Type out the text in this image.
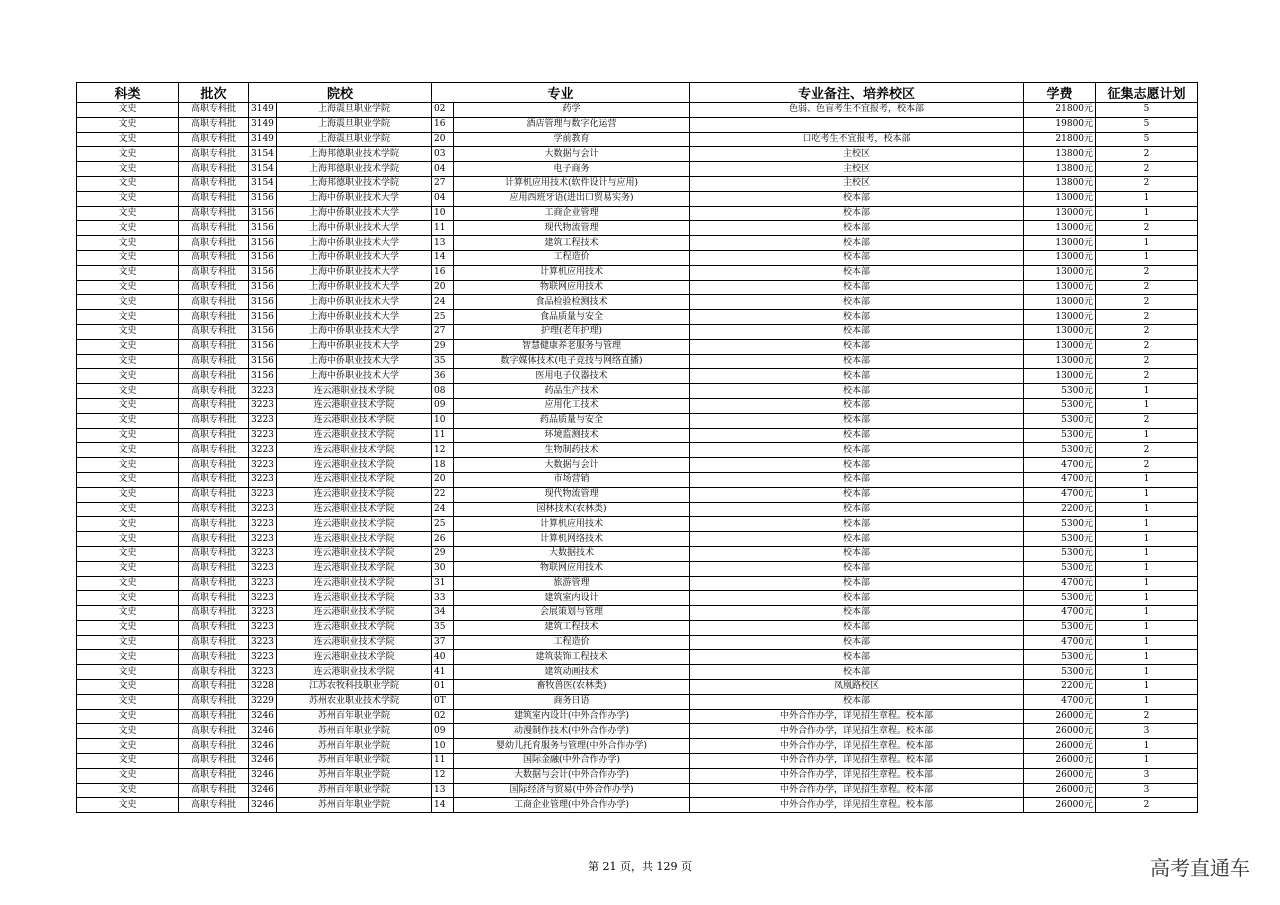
科类	批次	院校		专业		专业备注、培养校区	学费	征集志愿计划
文史	高职专科批	3149	上海震旦职业学院	02	药学	色弱、色盲考生不宜报考，校本部	21800元	5
文史	高职专科批	3149	上海震旦职业学院	16	酒店管理与数字化运营		19800元	5
文史	高职专科批	3149	上海震旦职业学院	20	学前教育	口吃考生不宜报考，校本部	21800元	5
文史	高职专科批	3154	上海邦德职业技术学院	03	大数据与会计	主校区	13800元	2
文史	高职专科批	3154	上海邦德职业技术学院	04	电子商务	主校区	13800元	2
文史	高职专科批	3154	上海邦德职业技术学院	27	计算机应用技术(软件设计与应用)	主校区	13800元	2
文史	高职专科批	3156	上海中侨职业技术大学	04	应用西班牙语(进出口贸易实务)	校本部	13000元	1
文史	高职专科批	3156	上海中侨职业技术大学	10	工商企业管理	校本部	13000元	1
文史	高职专科批	3156	上海中侨职业技术大学	11	现代物流管理	校本部	13000元	2
文史	高职专科批	3156	上海中侨职业技术大学	13	建筑工程技术	校本部	13000元	1
文史	高职专科批	3156	上海中侨职业技术大学	14	工程造价	校本部	13000元	1
文史	高职专科批	3156	上海中侨职业技术大学	16	计算机应用技术	校本部	13000元	2
文史	高职专科批	3156	上海中侨职业技术大学	20	物联网应用技术	校本部	13000元	2
文史	高职专科批	3156	上海中侨职业技术大学	24	食品检验检测技术	校本部	13000元	2
文史	高职专科批	3156	上海中侨职业技术大学	25	食品质量与安全	校本部	13000元	2
文史	高职专科批	3156	上海中侨职业技术大学	27	护理(老年护理)	校本部	13000元	2
文史	高职专科批	3156	上海中侨职业技术大学	29	智慧健康养老服务与管理	校本部	13000元	2
文史	高职专科批	3156	上海中侨职业技术大学	35	数字媒体技术(电子竞技与网络直播)	校本部	13000元	2
文史	高职专科批	3156	上海中侨职业技术大学	36	医用电子仪器技术	校本部	13000元	2
文史	高职专科批	3223	连云港职业技术学院	08	药品生产技术	校本部	5300元	1
文史	高职专科批	3223	连云港职业技术学院	09	应用化工技术	校本部	5300元	1
文史	高职专科批	3223	连云港职业技术学院	10	药品质量与安全	校本部	5300元	2
文史	高职专科批	3223	连云港职业技术学院	11	环境监测技术	校本部	5300元	1
文史	高职专科批	3223	连云港职业技术学院	12	生物制药技术	校本部	5300元	2
文史	高职专科批	3223	连云港职业技术学院	18	大数据与会计	校本部	4700元	2
文史	高职专科批	3223	连云港职业技术学院	20	市场营销	校本部	4700元	1
文史	高职专科批	3223	连云港职业技术学院	22	现代物流管理	校本部	4700元	1
文史	高职专科批	3223	连云港职业技术学院	24	园林技术(农林类)	校本部	2200元	1
文史	高职专科批	3223	连云港职业技术学院	25	计算机应用技术	校本部	5300元	1
文史	高职专科批	3223	连云港职业技术学院	26	计算机网络技术	校本部	5300元	1
文史	高职专科批	3223	连云港职业技术学院	29	大数据技术	校本部	5300元	1
文史	高职专科批	3223	连云港职业技术学院	30	物联网应用技术	校本部	5300元	1
文史	高职专科批	3223	连云港职业技术学院	31	旅游管理	校本部	4700元	1
文史	高职专科批	3223	连云港职业技术学院	33	建筑室内设计	校本部	5300元	1
文史	高职专科批	3223	连云港职业技术学院	34	会展策划与管理	校本部	4700元	1
文史	高职专科批	3223	连云港职业技术学院	35	建筑工程技术	校本部	5300元	1
文史	高职专科批	3223	连云港职业技术学院	37	工程造价	校本部	4700元	1
文史	高职专科批	3223	连云港职业技术学院	40	建筑装饰工程技术	校本部	5300元	1
文史	高职专科批	3223	连云港职业技术学院	41	建筑动画技术	校本部	5300元	1
文史	高职专科批	3228	江苏农牧科技职业学院	01	畜牧兽医(农林类)	凤凰路校区	2200元	1
文史	高职专科批	3229	苏州农业职业技术学院	0T	商务日语	校本部	4700元	1
文史	高职专科批	3246	苏州百年职业学院	02	建筑室内设计(中外合作办学)	中外合作办学，详见招生章程。校本部	26000元	2
文史	高职专科批	3246	苏州百年职业学院	09	动漫制作技术(中外合作办学)	中外合作办学，详见招生章程。校本部	26000元	3
文史	高职专科批	3246	苏州百年职业学院	10	婴幼儿托育服务与管理(中外合作办学)	中外合作办学，详见招生章程。校本部	26000元	1
文史	高职专科批	3246	苏州百年职业学院	11	国际金融(中外合作办学)	中外合作办学，详见招生章程。校本部	26000元	1
文史	高职专科批	3246	苏州百年职业学院	12	大数据与会计(中外合作办学)	中外合作办学，详见招生章程。校本部	26000元	3
文史	高职专科批	3246	苏州百年职业学院	13	国际经济与贸易(中外合作办学)	中外合作办学，详见招生章程。校本部	26000元	3
文史	高职专科批	3246	苏州百年职业学院	14	工商企业管理(中外合作办学)	中外合作办学，详见招生章程。校本部	26000元	2
第 21 页，共 129 页	高考直通车
